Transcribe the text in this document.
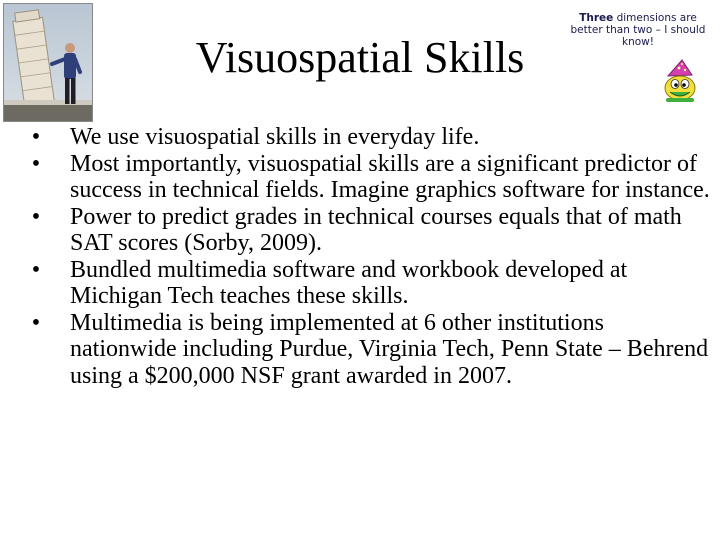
Visuospatial Skills
Three dimensions are better than two – I should know!
• We use visuospatial skills in everyday life.
• Most importantly, visuospatial skills are a significant predictor of success in technical fields. Imagine graphics software for instance.
• Power to predict grades in technical courses equals that of math SAT scores (Sorby, 2009).
• Bundled multimedia software and workbook developed at Michigan Tech teaches these skills.
• Multimedia is being implemented at 6 other institutions nationwide including Purdue, Virginia Tech, Penn State – Behrend using a $200,000 NSF grant awarded in 2007.
